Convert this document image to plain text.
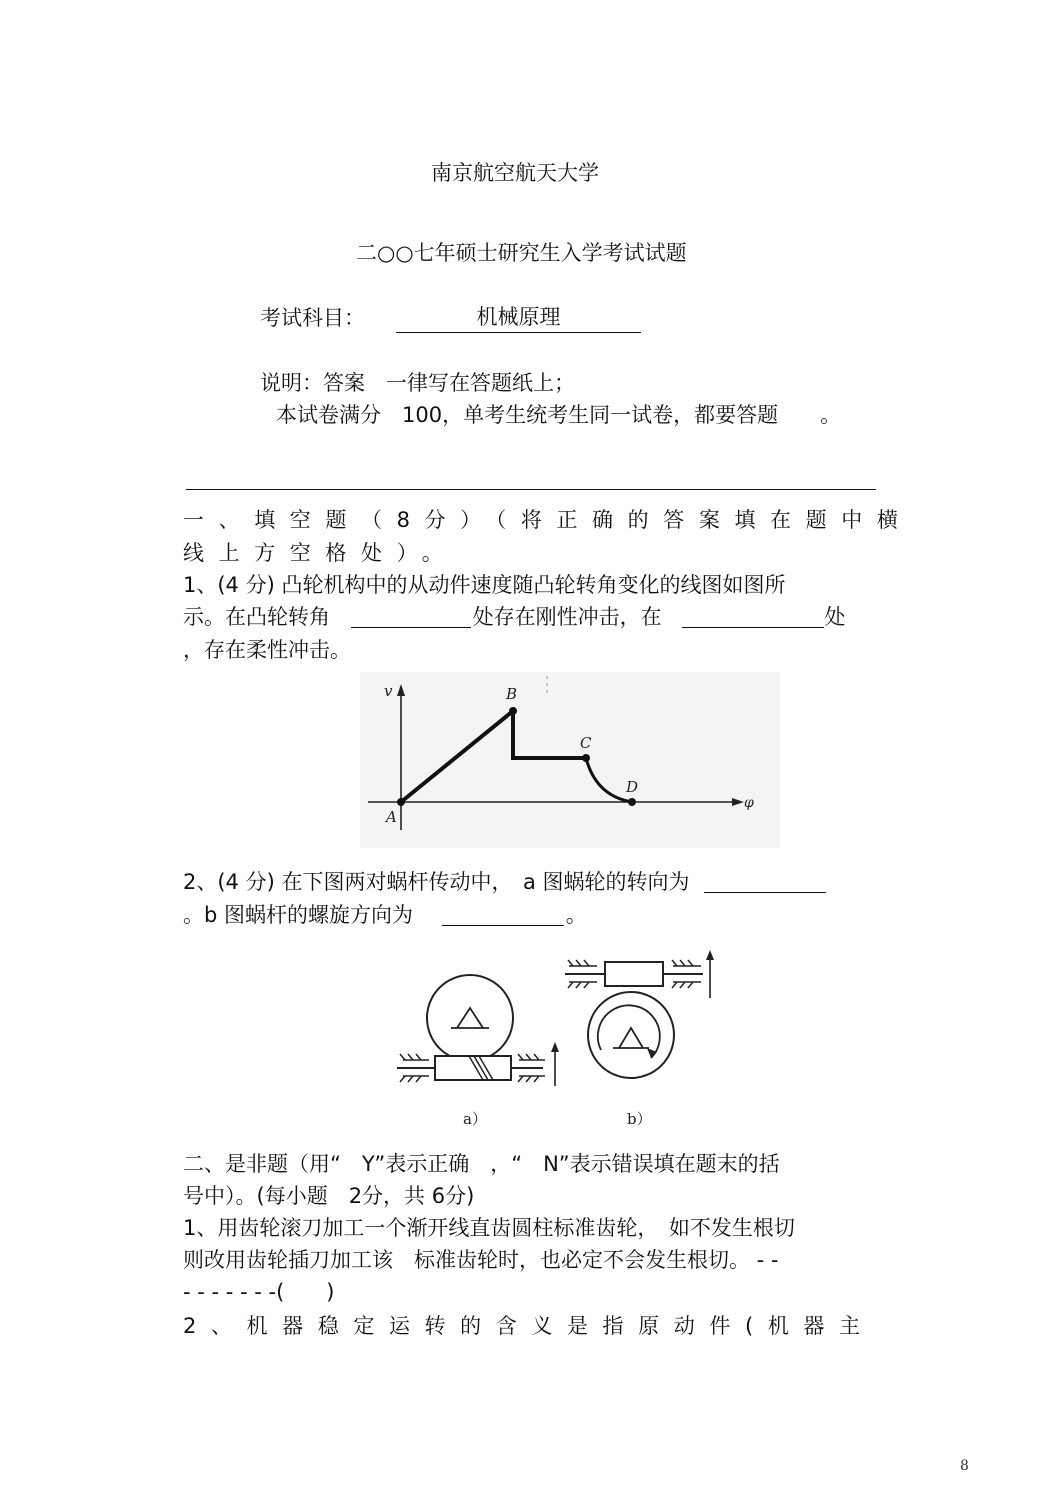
南京航空航天大学
二○○七年硕士研究生入学考试试题
考试科目：	机械原理
说明：答案　一律写在答题纸上；
本试卷满分　100，单考生统考生同一试卷，都要答题　　。
一、填空题（8分）（将正确的答案填在题中横
线上方空格处）。
1、(4 分) 凸轮机构中的从动件速度随凸轮转角变化的线图如图所
示。在凸轮转角	处存在刚性冲击，在	处
，存在柔性冲击。
v
φ
A
B
C
D
2、(4 分) 在下图两对蜗杆传动中，　a 图蜗轮的转向为
。b 图蜗杆的螺旋方向为	。
a）	b）
二、是非题（用“　Y”表示正确　，“　N”表示错误填在题末的括
号中）。(每小题　2分，共 6分)
1、用齿轮滚刀加工一个渐开线直齿圆柱标准齿轮，　如不发生根切
则改用齿轮插刀加工该　标准齿轮时，也必定不会发生根切。 - -
- - - - - - -(　　)
2、机器稳定运转的含义是指原动件(机器主
8
